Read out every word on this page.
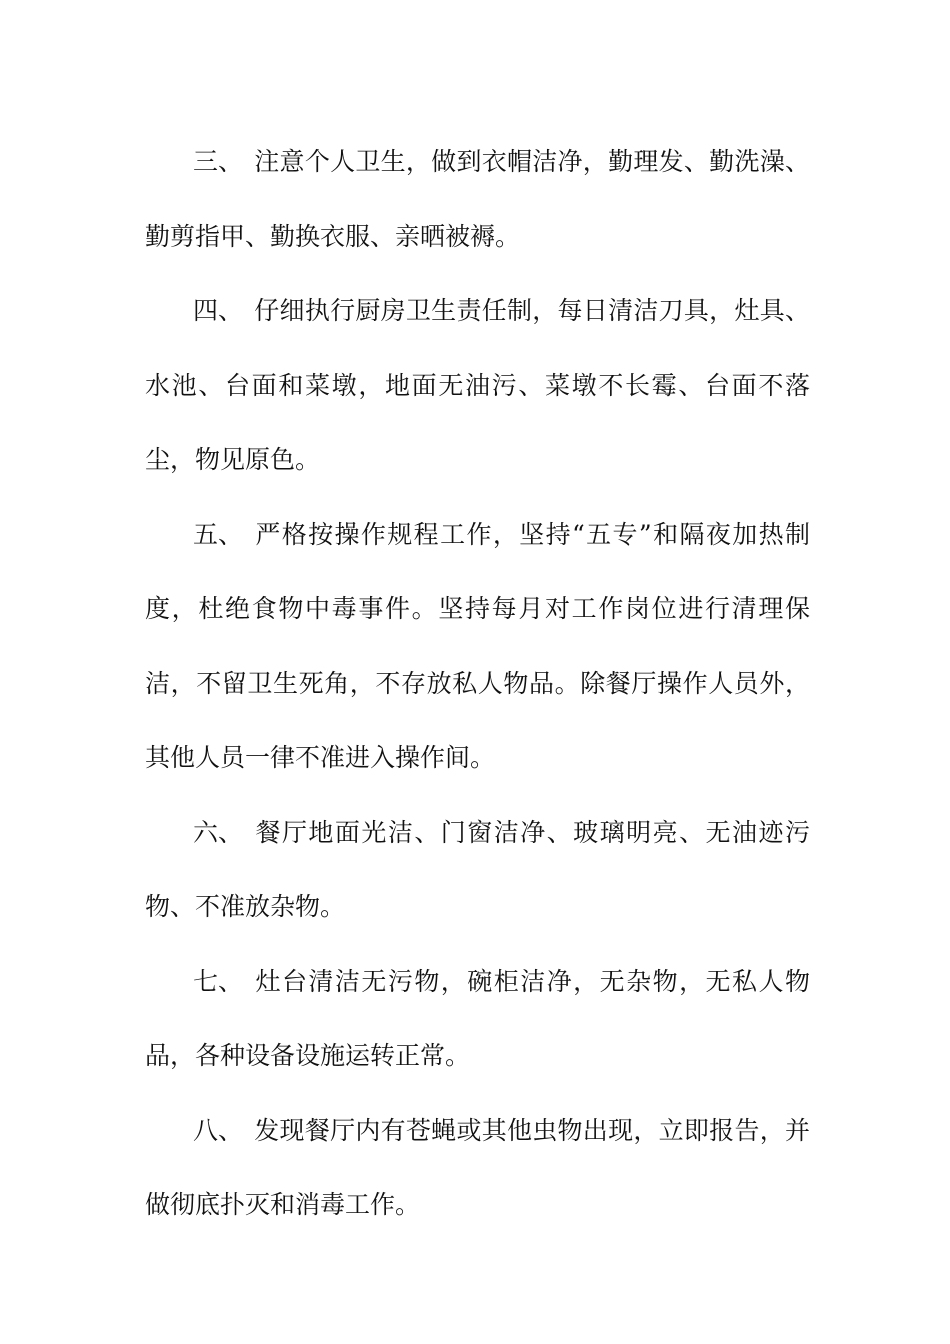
三、 注意个人卫生，做到衣帽洁净，勤理发、勤洗澡、勤剪指甲、勤换衣服、亲晒被褥。

四、 仔细执行厨房卫生责任制，每日清洁刀具，灶具、水池、台面和菜墩，地面无油污、菜墩不长霉、台面不落尘，物见原色。

五、 严格按操作规程工作，坚持“五专”和隔夜加热制度，杜绝食物中毒事件。坚持每月对工作岗位进行清理保洁，不留卫生死角，不存放私人物品。除餐厅操作人员外，其他人员一律不准进入操作间。

六、 餐厅地面光洁、门窗洁净、玻璃明亮、无油迹污物、不准放杂物。

七、 灶台清洁无污物，碗柜洁净，无杂物，无私人物品，各种设备设施运转正常。

八、 发现餐厅内有苍蝇或其他虫物出现，立即报告，并做彻底扑灭和消毒工作。
